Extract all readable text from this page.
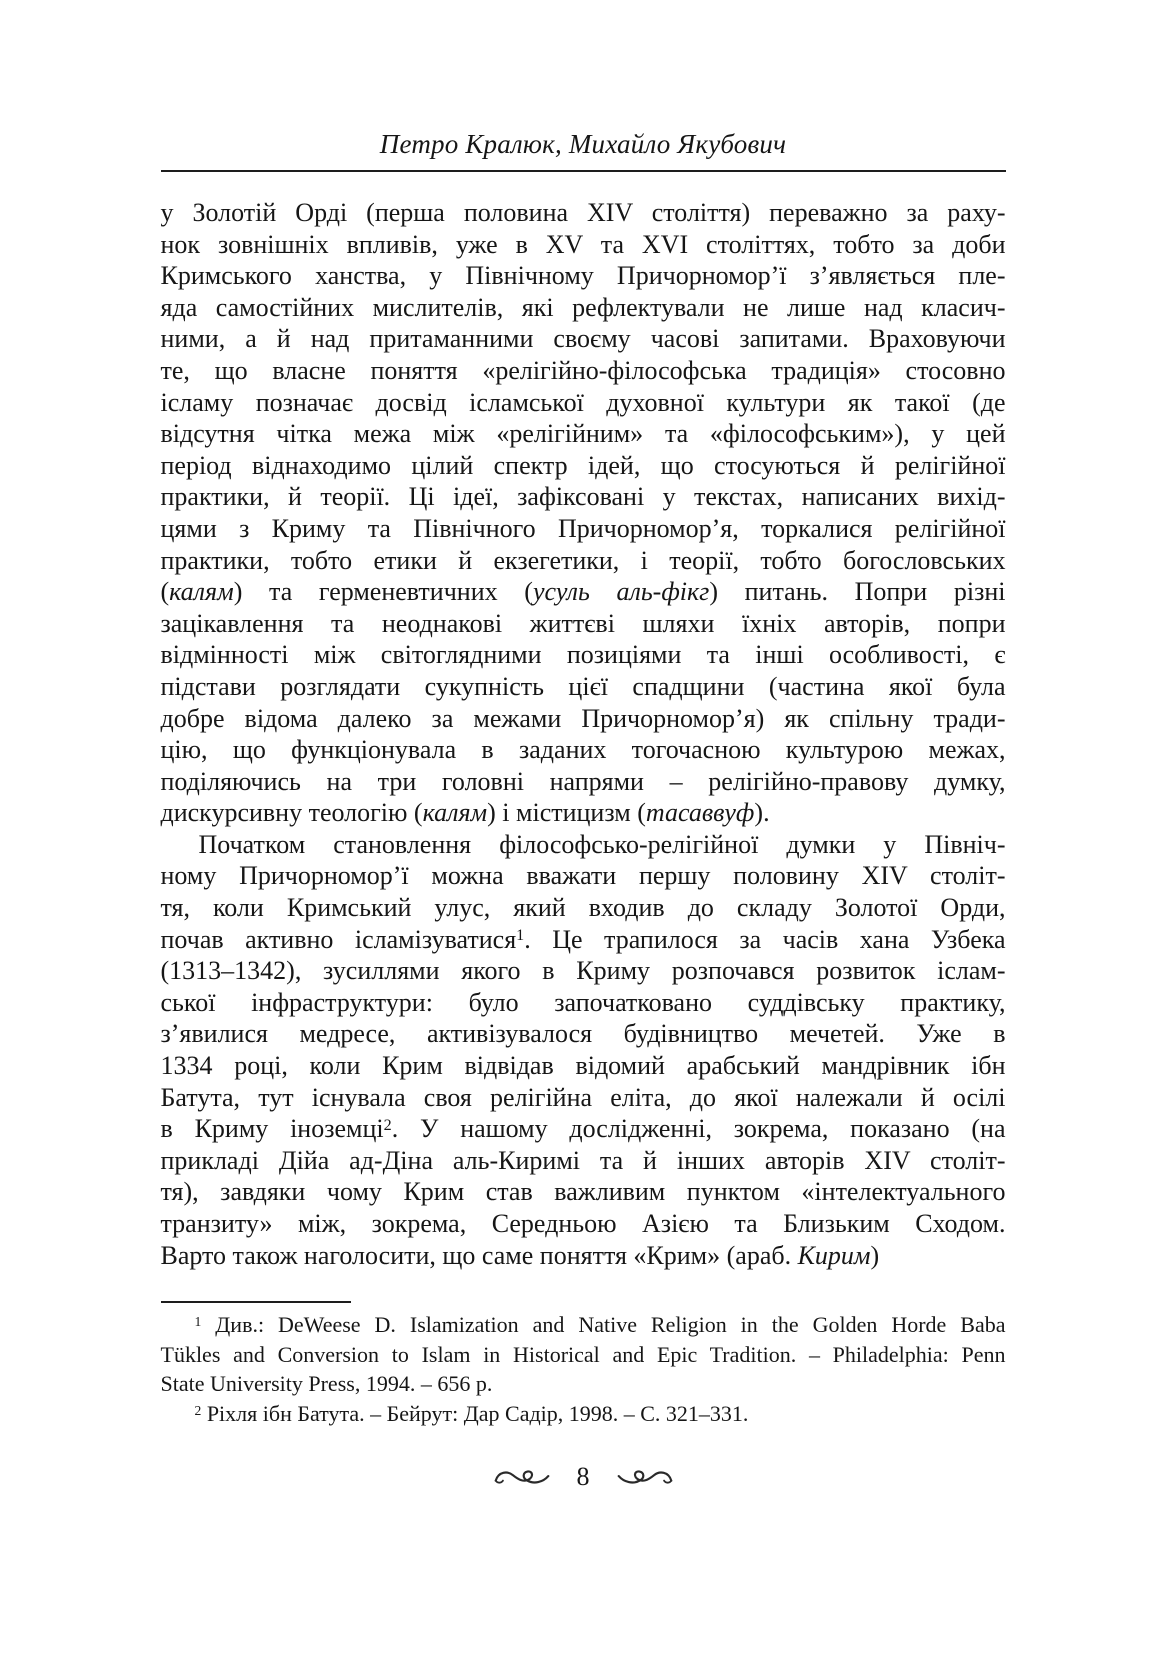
Петро Кралюк, Михайло Якубович
у Золотій Орді (перша половина XIV століття) переважно за раху-
нок зовнішніх впливів, уже в XV та XVI століттях, тобто за доби
Кримського ханства, у Північному Причорномор’ї з’являється пле-
яда самостійних мислителів, які рефлектували не лише над класич-
ними, а й над притаманними своєму часові запитами. Враховуючи
те, що власне поняття «релігійно-філософська традиція» стосовно
ісламу позначає досвід ісламської духовної культури як такої (де
відсутня чітка межа між «релігійним» та «філософським»), у цей
період віднаходимо цілий спектр ідей, що стосуються й релігійної
практики, й теорії. Ці ідеї, зафіксовані у текстах, написаних вихід-
цями з Криму та Північного Причорномор’я, торкалися релігійної
практики, тобто етики й екзегетики, і теорії, тобто богословських
(калям) та герменевтичних (усуль аль-фікг) питань. Попри різні
зацікавлення та неоднакові життєві шляхи їхніх авторів, попри
відмінності між світоглядними позиціями та інші особливості, є
підстави розглядати сукупність цієї спадщини (частина якої була
добре відома далеко за межами Причорномор’я) як спільну тради-
цію, що функціонувала в заданих тогочасною культурою межах,
поділяючись на три головні напрями – релігійно-правову думку,
дискурсивну теологію (калям) і містицизм (тасаввуф).
Початком становлення філософсько-релігійної думки у Північ-
ному Причорномор’ї можна вважати першу половину XIV століт-
тя, коли Кримський улус, який входив до складу Золотої Орди,
почав активно ісламізуватися$^1$. Це трапилося за часів хана Узбека
(1313–1342), зусиллями якого в Криму розпочався розвиток іслам-
ської інфраструктури: було започатковано суддівську практику,
з’явилися медресе, активізувалося будівництво мечетей. Уже в
1334 році, коли Крим відвідав відомий арабський мандрівник ібн
Батута, тут існувала своя релігійна еліта, до якої належали й осілі
в Криму іноземці$^2$. У нашому дослідженні, зокрема, показано (на
прикладі Дійа ад-Діна аль-Киримі та й інших авторів XIV століт-
тя), завдяки чому Крим став важливим пунктом «інтелектуального
транзиту» між, зокрема, Середньою Азією та Близьким Сходом.
Варто також наголосити, що саме поняття «Крим» (араб. Кирим)
$^1$ Див.: DeWeese D. Islamization and Native Religion in the Golden Horde Baba
Tükles and Conversion to Islam in Historical and Epic Tradition. – Philadelphia: Penn
State University Press, 1994. – 656 p.
$^2$ Ріхля ібн Батута. – Бейрут: Дар Садір, 1998. – С. 321–331.
8
